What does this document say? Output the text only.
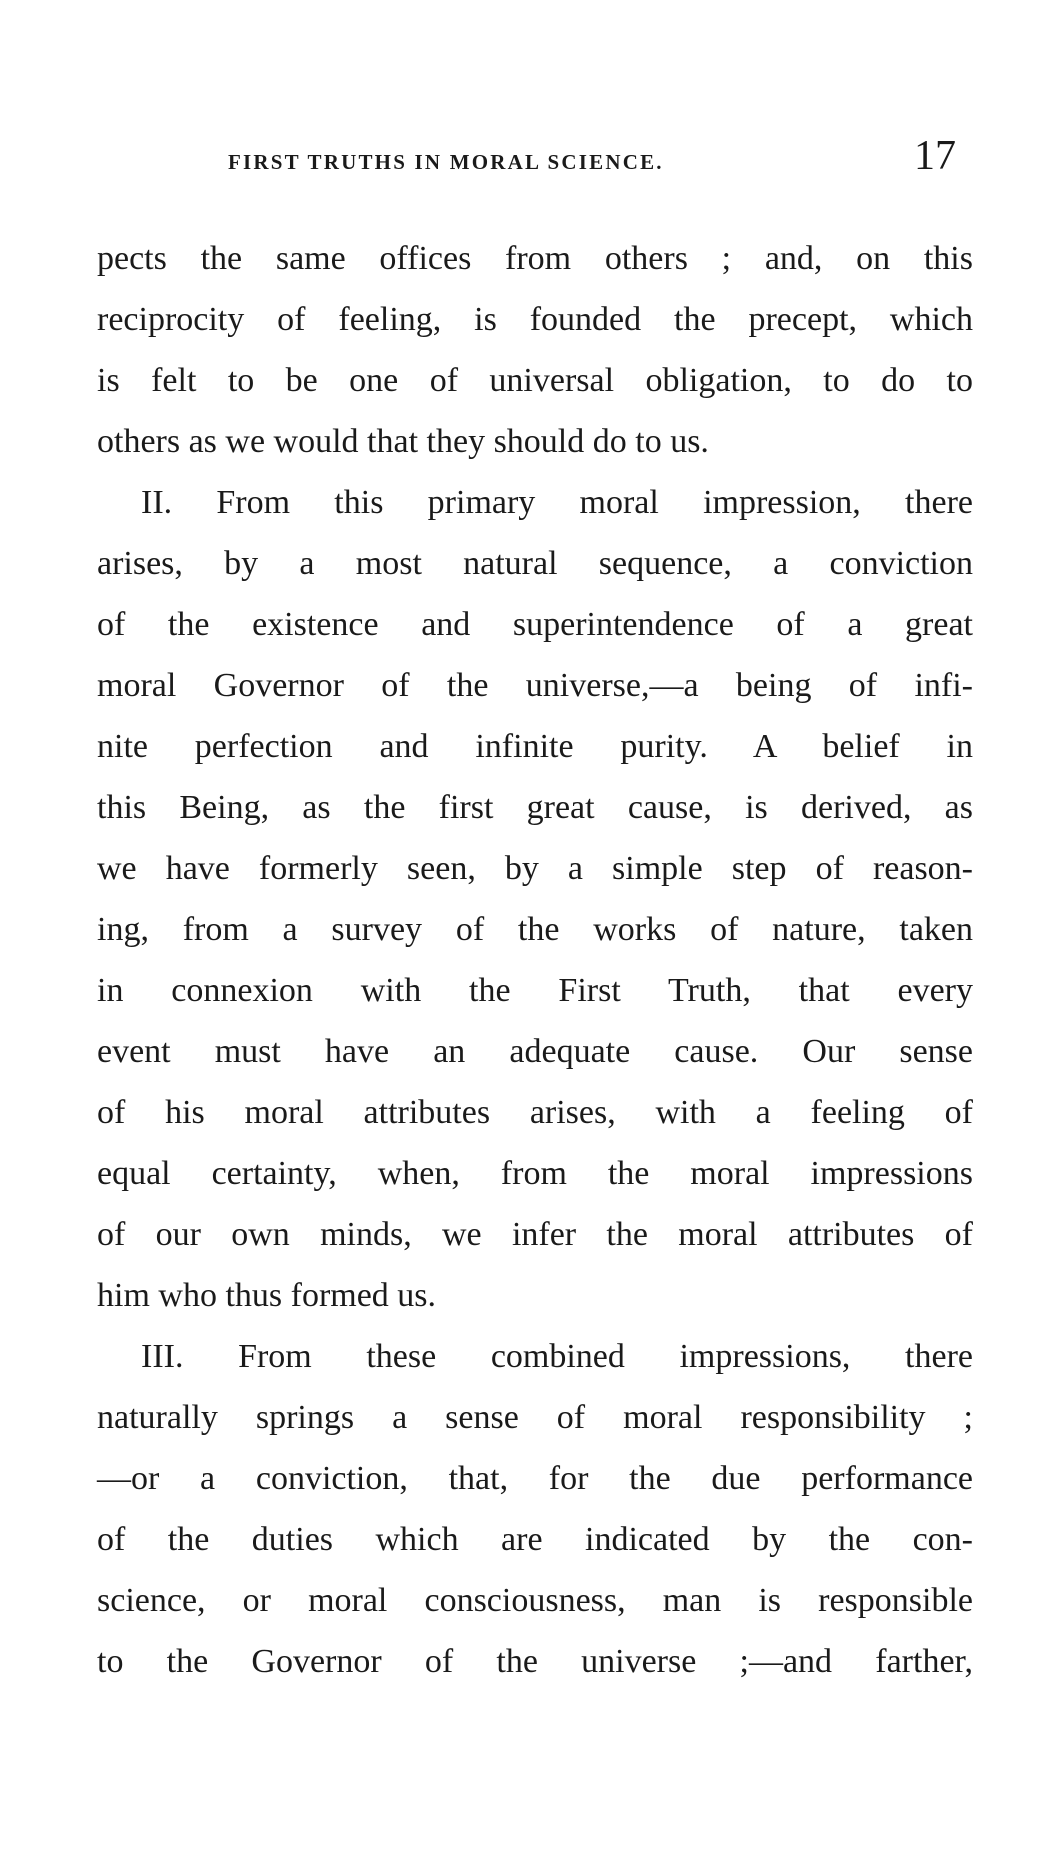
FIRST TRUTHS IN MORAL SCIENCE.	17
pects the same offices from others ; and, on this
reciprocity of feeling, is founded the precept, which
is felt to be one of universal obligation, to do to
others as we would that they should do to us.
II. From this primary moral impression, there
arises, by a most natural sequence, a conviction
of the existence and superintendence of a great
moral Governor of the universe,—a being of infi-
nite perfection and infinite purity. A belief in
this Being, as the first great cause, is derived, as
we have formerly seen, by a simple step of reason-
ing, from a survey of the works of nature, taken
in connexion with the First Truth, that every
event must have an adequate cause. Our sense
of his moral attributes arises, with a feeling of
equal certainty, when, from the moral impressions
of our own minds, we infer the moral attributes of
him who thus formed us.
III. From these combined impressions, there
naturally springs a sense of moral responsibility ;
—or a conviction, that, for the due performance
of the duties which are indicated by the con-
science, or moral consciousness, man is responsible
to the Governor of the universe ;—and farther,
